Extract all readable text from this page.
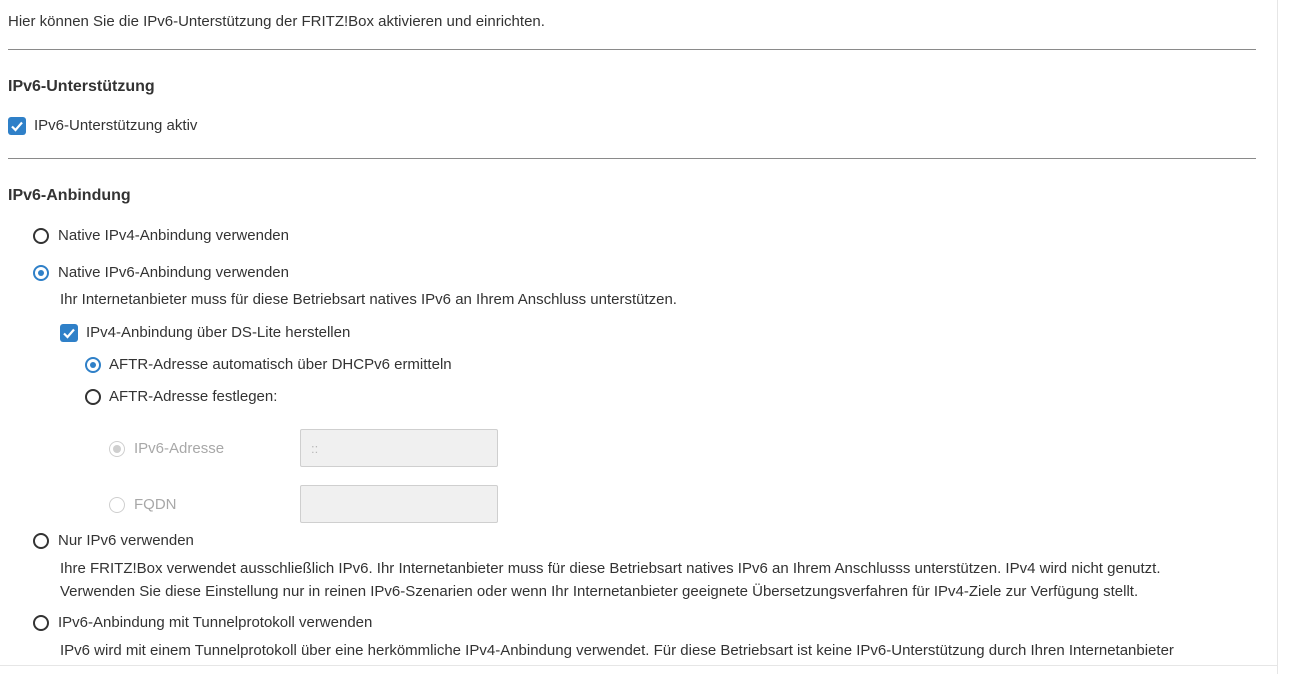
Hier können Sie die IPv6-Unterstützung der FRITZ!Box aktivieren und einrichten.
IPv6-Unterstützung
IPv6-Unterstützung aktiv
IPv6-Anbindung
Native IPv4-Anbindung verwenden
Native IPv6-Anbindung verwenden
Ihr Internetanbieter muss für diese Betriebsart natives IPv6 an Ihrem Anschluss unterstützen.
IPv4-Anbindung über DS-Lite herstellen
AFTR-Adresse automatisch über DHCPv6 ermitteln
AFTR-Adresse festlegen:
IPv6-Adresse
::
FQDN
Nur IPv6 verwenden
Ihre FRITZ!Box verwendet ausschließlich IPv6. Ihr Internetanbieter muss für diese Betriebsart natives IPv6 an Ihrem Anschlusss unterstützen. IPv4 wird nicht genutzt. Verwenden Sie diese Einstellung nur in reinen IPv6-Szenarien oder wenn Ihr Internetanbieter geeignete Übersetzungsverfahren für IPv4-Ziele zur Verfügung stellt.
IPv6-Anbindung mit Tunnelprotokoll verwenden
IPv6 wird mit einem Tunnelprotokoll über eine herkömmliche IPv4-Anbindung verwendet. Für diese Betriebsart ist keine IPv6-Unterstützung durch Ihren Internetanbieter
